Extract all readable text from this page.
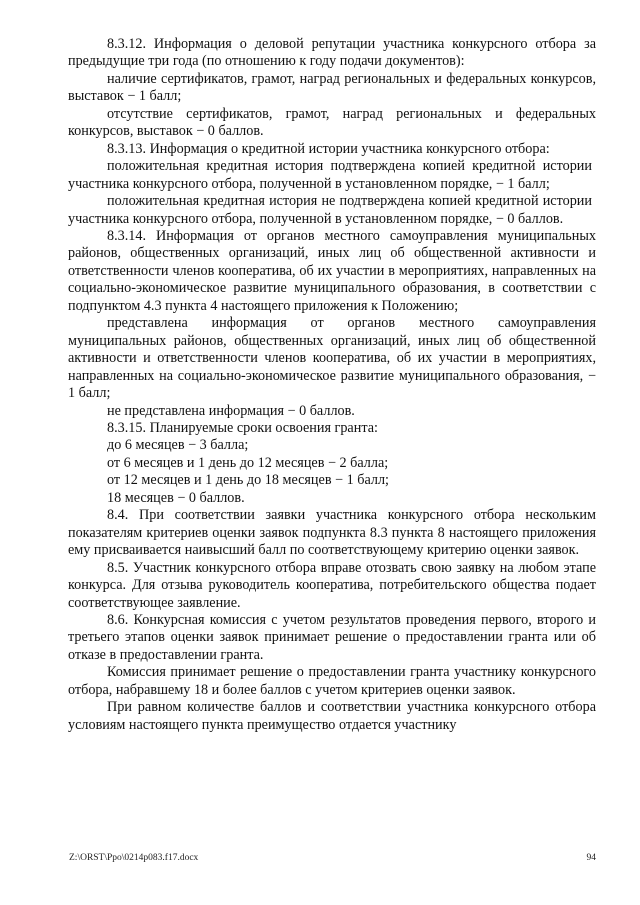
8.3.12. Информация о деловой репутации участника конкурсного отбора за предыдущие три года (по отношению к году подачи документов):

наличие сертификатов, грамот, наград региональных и федеральных конкурсов, выставок − 1 балл;

отсутствие сертификатов, грамот, наград региональных и федеральных конкурсов, выставок − 0 баллов.

8.3.13. Информация о кредитной истории участника конкурсного отбора:

положительная кредитная история подтверждена копией кредитной истории участника конкурсного отбора, полученной в установленном порядке, − 1 балл;

положительная кредитная история не подтверждена копией кредитной истории участника конкурсного отбора, полученной в установленном порядке, − 0 баллов.

8.3.14. Информация от органов местного самоуправления муниципальных районов, общественных организаций, иных лиц об общественной активности и ответственности членов кооператива, об их участии в мероприятиях, направленных на социально-экономическое развитие муниципального образования, в соответствии с подпунктом 4.3 пункта 4 настоящего приложения к Положению;

представлена информация от органов местного самоуправления муниципальных районов, общественных организаций, иных лиц об общественной активности и ответственности членов кооператива, об их участии в мероприятиях, направленных на социально-экономическое развитие муниципального образования, − 1 балл;

не представлена информация − 0 баллов.

8.3.15. Планируемые сроки освоения гранта:

до 6 месяцев − 3 балла;

от 6 месяцев и 1 день до 12 месяцев − 2 балла;

от 12 месяцев и 1 день до 18 месяцев − 1 балл;

18 месяцев − 0 баллов.

8.4. При соответствии заявки участника конкурсного отбора нескольким показателям критериев оценки заявок подпункта 8.3 пункта 8 настоящего приложения ему присваивается наивысший балл по соответствующему критерию оценки заявок.

8.5. Участник конкурсного отбора вправе отозвать свою заявку на любом этапе конкурса. Для отзыва руководитель кооператива, потребительского общества подает соответствующее заявление.

8.6. Конкурсная комиссия с учетом результатов проведения первого, второго и третьего этапов оценки заявок принимает решение о предоставлении гранта или об отказе в предоставлении гранта.

Комиссия принимает решение о предоставлении гранта участнику конкурсного отбора, набравшему 18 и более баллов с учетом критериев оценки заявок.

При равном количестве баллов и соответствии участника конкурсного отбора условиям настоящего пункта преимущество отдается участнику

Z:\ORST\Ppo\0214p083.f17.docx	94
